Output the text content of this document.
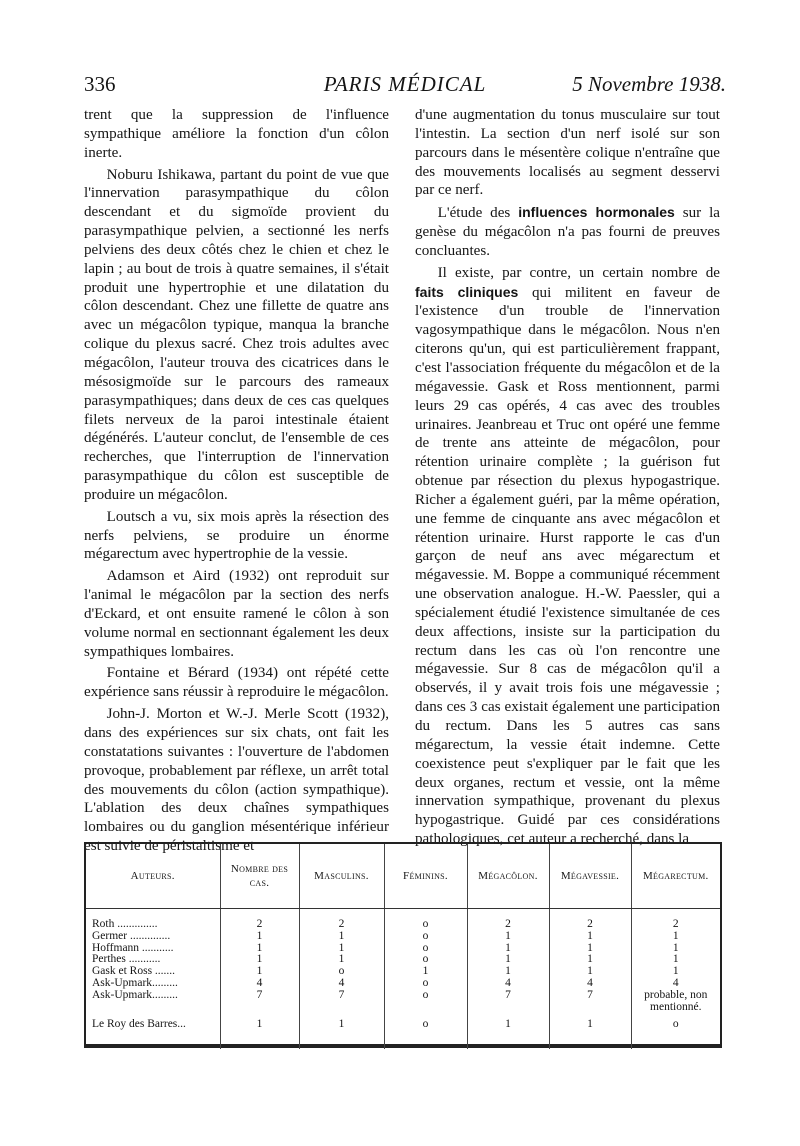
336	PARIS MÉDICAL	5 Novembre 1938.

trent que la suppression de l'influence sympathique améliore la fonction d'un côlon inerte.

Noburu Ishikawa, partant du point de vue que l'innervation parasympathique du côlon descendant et du sigmoïde provient du parasympathique pelvien, a sectionné les nerfs pelviens des deux côtés chez le chien et chez le lapin ; au bout de trois à quatre semaines, il s'était produit une hypertrophie et une dilatation du côlon descendant. Chez une fillette de quatre ans avec un mégacôlon typique, manqua la branche colique du plexus sacré. Chez trois adultes avec mégacôlon, l'auteur trouva des cicatrices dans le mésosigmoïde sur le parcours des rameaux parasympathiques; dans deux de ces cas quelques filets nerveux de la paroi intestinale étaient dégénérés. L'auteur conclut, de l'ensemble de ces recherches, que l'interruption de l'innervation parasympathique du côlon est susceptible de produire un mégacôlon.

Loutsch a vu, six mois après la résection des nerfs pelviens, se produire un énorme mégarectum avec hypertrophie de la vessie.

Adamson et Aird (1932) ont reproduit sur l'animal le mégacôlon par la section des nerfs d'Eckard, et ont ensuite ramené le côlon à son volume normal en sectionnant également les deux sympathiques lombaires.

Fontaine et Bérard (1934) ont répété cette expérience sans réussir à reproduire le mégacôlon.

John-J. Morton et W.-J. Merle Scott (1932), dans des expériences sur six chats, ont fait les constatations suivantes : l'ouverture de l'abdomen provoque, probablement par réflexe, un arrêt total des mouvements du côlon (action sympathique). L'ablation des deux chaînes sympathiques lombaires ou du ganglion mésentérique inférieur est suivie de péristaltisme et

d'une augmentation du tonus musculaire sur tout l'intestin. La section d'un nerf isolé sur son parcours dans le mésentère colique n'entraîne que des mouvements localisés au segment desservi par ce nerf.

L'étude des influences hormonales sur la genèse du mégacôlon n'a pas fourni de preuves concluantes.

Il existe, par contre, un certain nombre de faits cliniques qui militent en faveur de l'existence d'un trouble de l'innervation vagosympathique dans le mégacôlon. Nous n'en citerons qu'un, qui est particulièrement frappant, c'est l'association fréquente du mégacôlon et de la mégavessie. Gask et Ross mentionnent, parmi leurs 29 cas opérés, 4 cas avec des troubles urinaires. Jeanbreau et Truc ont opéré une femme de trente ans atteinte de mégacôlon, pour rétention urinaire complète ; la guérison fut obtenue par résection du plexus hypogastrique. Richer a également guéri, par la même opération, une femme de cinquante ans avec mégacôlon et rétention urinaire. Hurst rapporte le cas d'un garçon de neuf ans avec mégarectum et mégavessie. M. Boppe a communiqué récemment une observation analogue. H.-W. Paessler, qui a spécialement étudié l'existence simultanée de ces deux affections, insiste sur la participation du rectum dans les cas où l'on rencontre une mégavessie. Sur 8 cas de mégacôlon qu'il a observés, il y avait trois fois une mégavessie ; dans ces 3 cas existait également une participation du rectum. Dans les 5 autres cas sans mégarectum, la vessie était indemne. Cette coexistence peut s'expliquer par le fait que les deux organes, rectum et vessie, ont la même innervation sympathique, provenant du plexus hypogastrique. Guidé par ces considérations pathologiques, cet auteur a recherché, dans la

Auteurs.	Nombre des cas.	Masculins.	Féminins.	Mégacôlon.	Mégavessie.	Mégarectum.
Roth ..............	2	2	o	2	2	2
Germer ..............	1	1	o	1	1	1
Hoffmann ...........	1	1	o	1	1	1
Perthes ...........	1	1	o	1	1	1
Gask et Ross .......	1	o	1	1	1	1
Ask-Upmark.........	4	4	o	4	4	4
Ask-Upmark.........	7	7	o	7	7	probable, non mentionné.
Le Roy des Barres...	1	1	o	1	1	o
